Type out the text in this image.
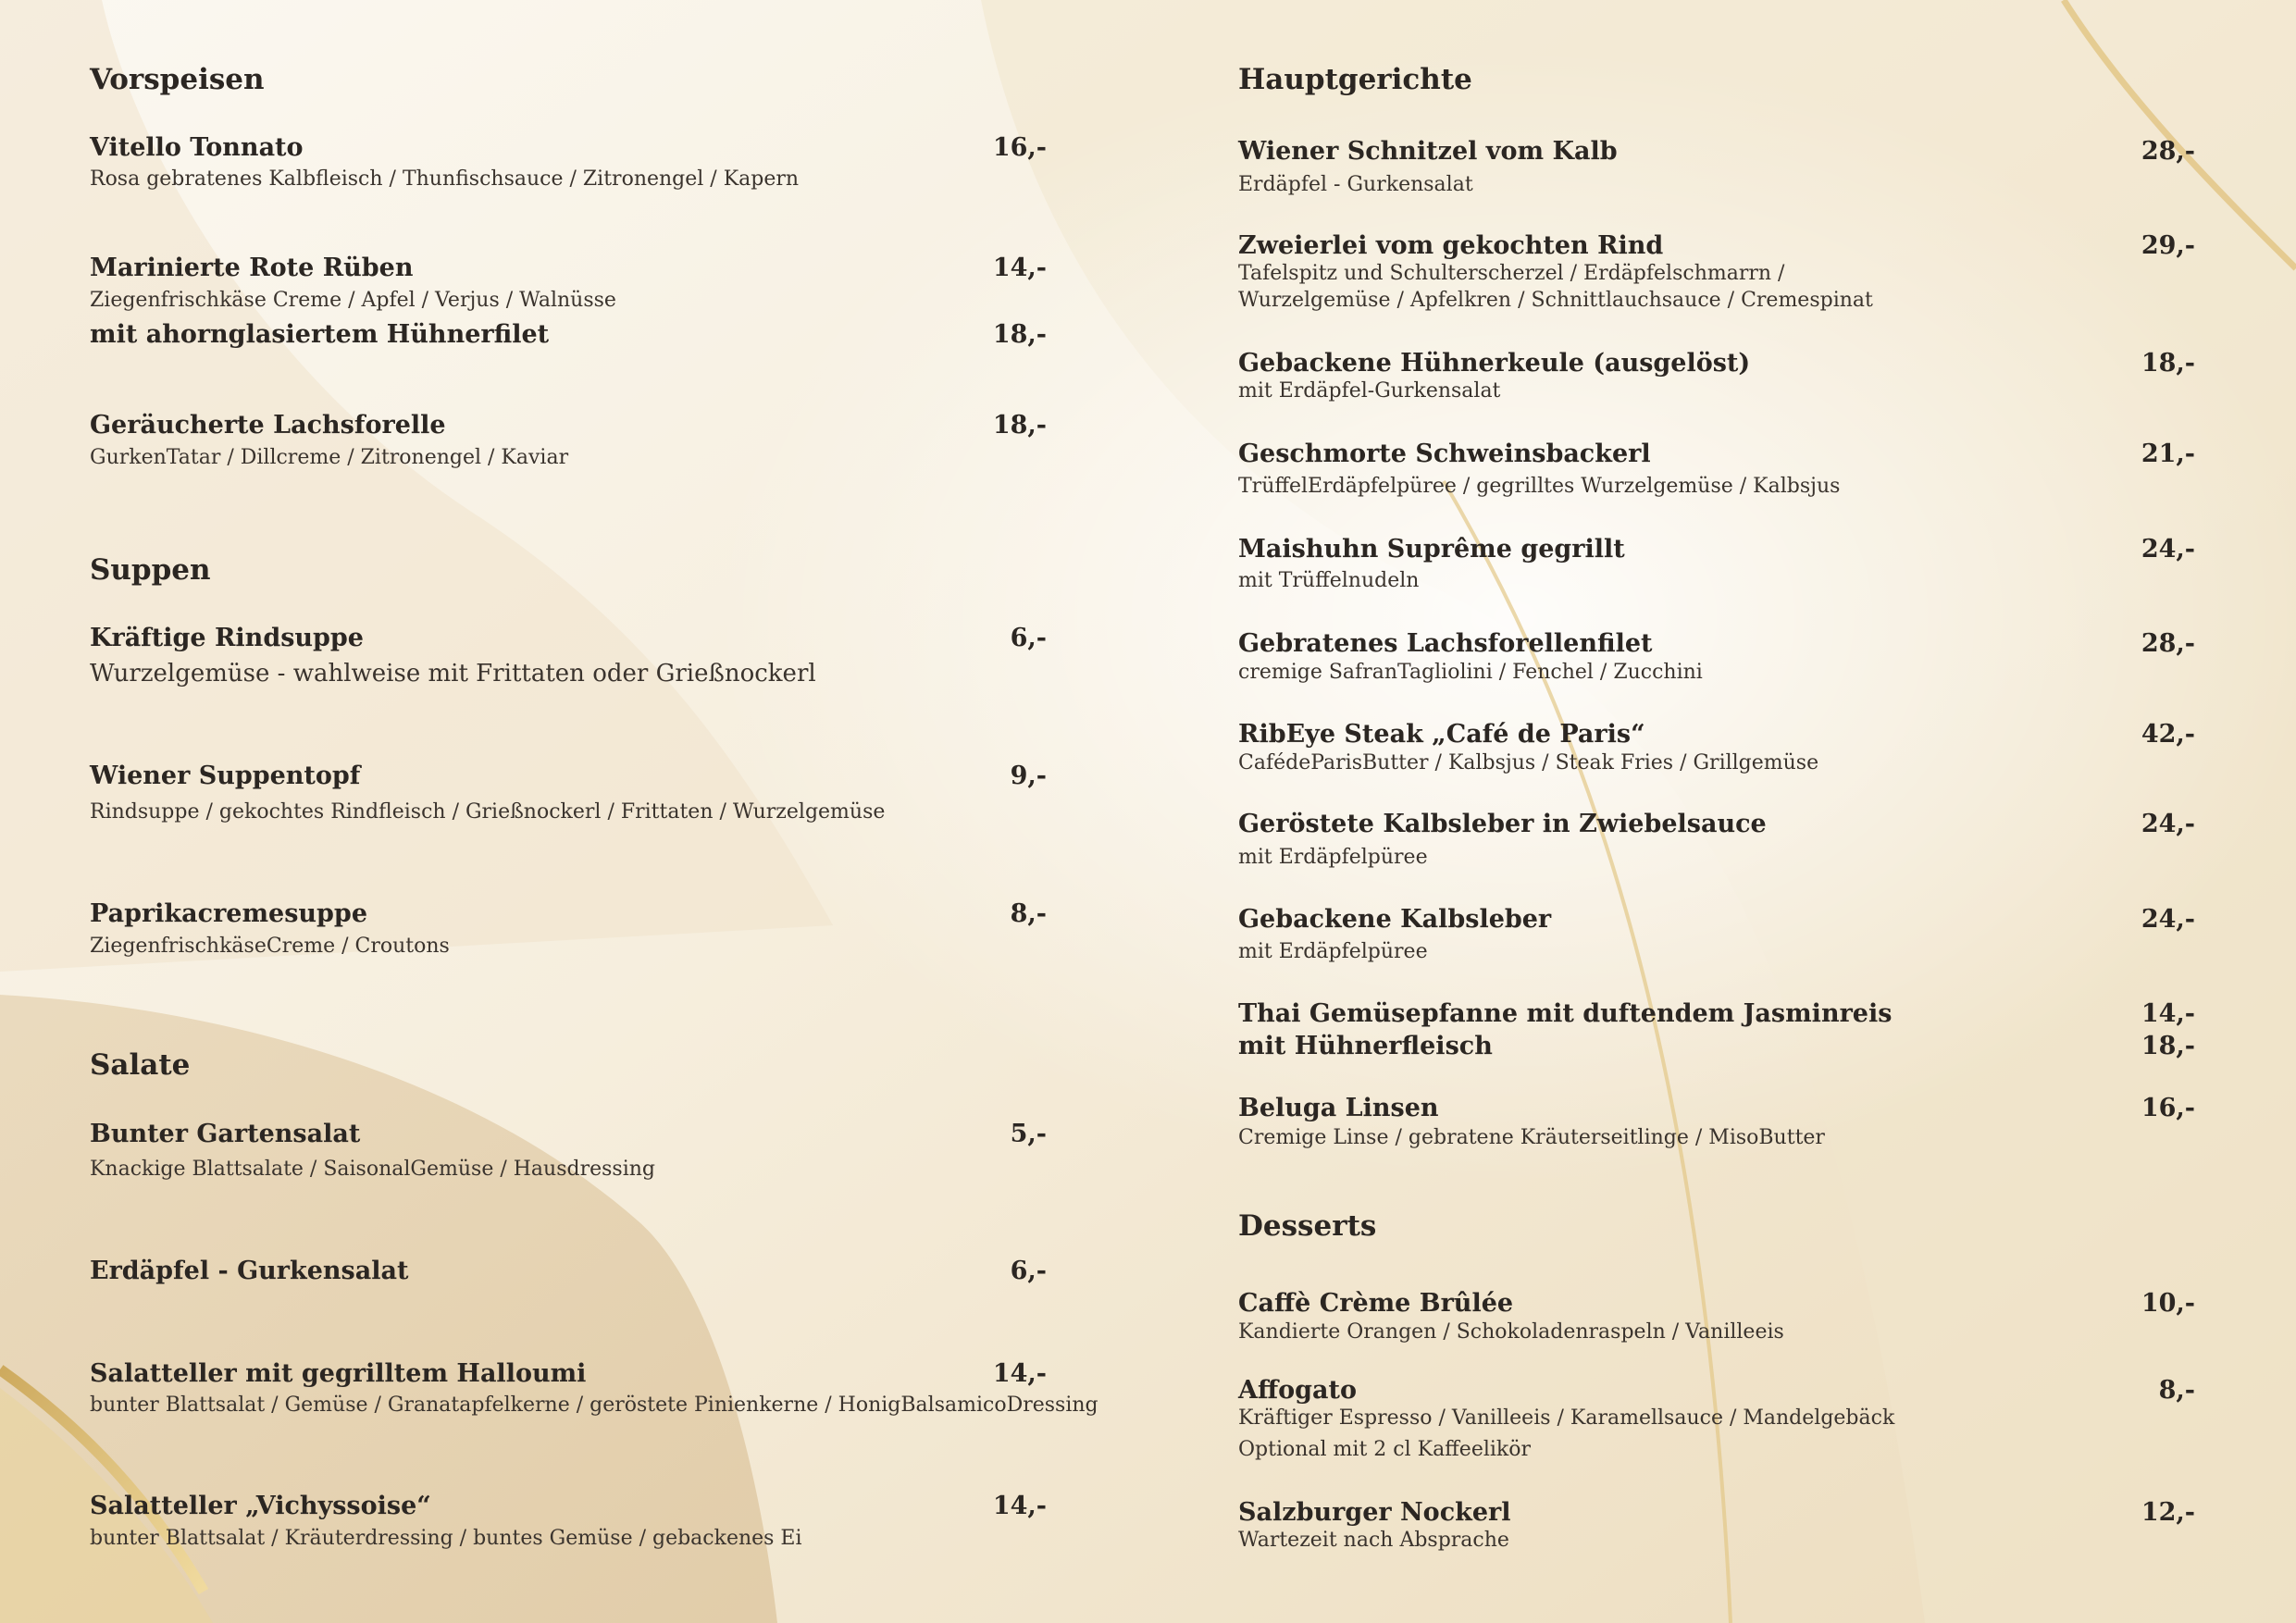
Vorspeisen
Vitello Tonnato	16,-
Rosa gebratenes Kalbfleisch / Thunfischsauce / Zitronengel / Kapern
Marinierte Rote Rüben	14,-
Ziegenfrischkäse Creme / Apfel / Verjus / Walnüsse
mit ahornglasiertem Hühnerfilet	18,-
Geräucherte Lachsforelle	18,-
GurkenTatar / Dillcreme / Zitronengel / Kaviar
Suppen
Kräftige Rindsuppe	6,-
Wurzelgemüse - wahlweise mit Frittaten oder Grießnockerl
Wiener Suppentopf	9,-
Rindsuppe / gekochtes Rindfleisch / Grießnockerl / Frittaten / Wurzelgemüse
Paprikacremesuppe	8,-
ZiegenfrischkäseCreme / Croutons
Salate
Bunter Gartensalat	5,-
Knackige Blattsalate / SaisonalGemüse / Hausdressing
Erdäpfel - Gurkensalat	6,-
Salatteller mit gegrilltem Halloumi	14,-
bunter Blattsalat / Gemüse / Granatapfelkerne / geröstete Pinienkerne / HonigBalsamicoDressing
Salatteller „Vichyssoise“	14,-
bunter Blattsalat / Kräuterdressing / buntes Gemüse / gebackenes Ei
Hauptgerichte
Wiener Schnitzel vom Kalb	28,-
Erdäpfel - Gurkensalat
Zweierlei vom gekochten Rind	29,-
Tafelspitz und Schulterscherzel / Erdäpfelschmarrn /
Wurzelgemüse / Apfelkren / Schnittlauchsauce / Cremespinat
Gebackene Hühnerkeule (ausgelöst)	18,-
mit Erdäpfel-Gurkensalat
Geschmorte Schweinsbackerl	21,-
TrüffelErdäpfelpüree / gegrilltes Wurzelgemüse / Kalbsjus
Maishuhn Suprême gegrillt	24,-
mit Trüffelnudeln
Gebratenes Lachsforellenfilet	28,-
cremige SafranTagliolini / Fenchel / Zucchini
RibEye Steak „Café de Paris“	42,-
CafédeParisButter / Kalbsjus / Steak Fries / Grillgemüse
Geröstete Kalbsleber in Zwiebelsauce	24,-
mit Erdäpfelpüree
Gebackene Kalbsleber	24,-
mit Erdäpfelpüree
Thai Gemüsepfanne mit duftendem Jasminreis	14,-
mit Hühnerfleisch	18,-
Beluga Linsen	16,-
Cremige Linse / gebratene Kräuterseitlinge / MisoButter
Desserts
Caffè Crème Brûlée	10,-
Kandierte Orangen / Schokoladenraspeln / Vanilleeis
Affogato	8,-
Kräftiger Espresso / Vanilleeis / Karamellsauce / Mandelgebäck
Optional mit 2 cl Kaffeelikör
Salzburger Nockerl	12,-
Wartezeit nach Absprache
